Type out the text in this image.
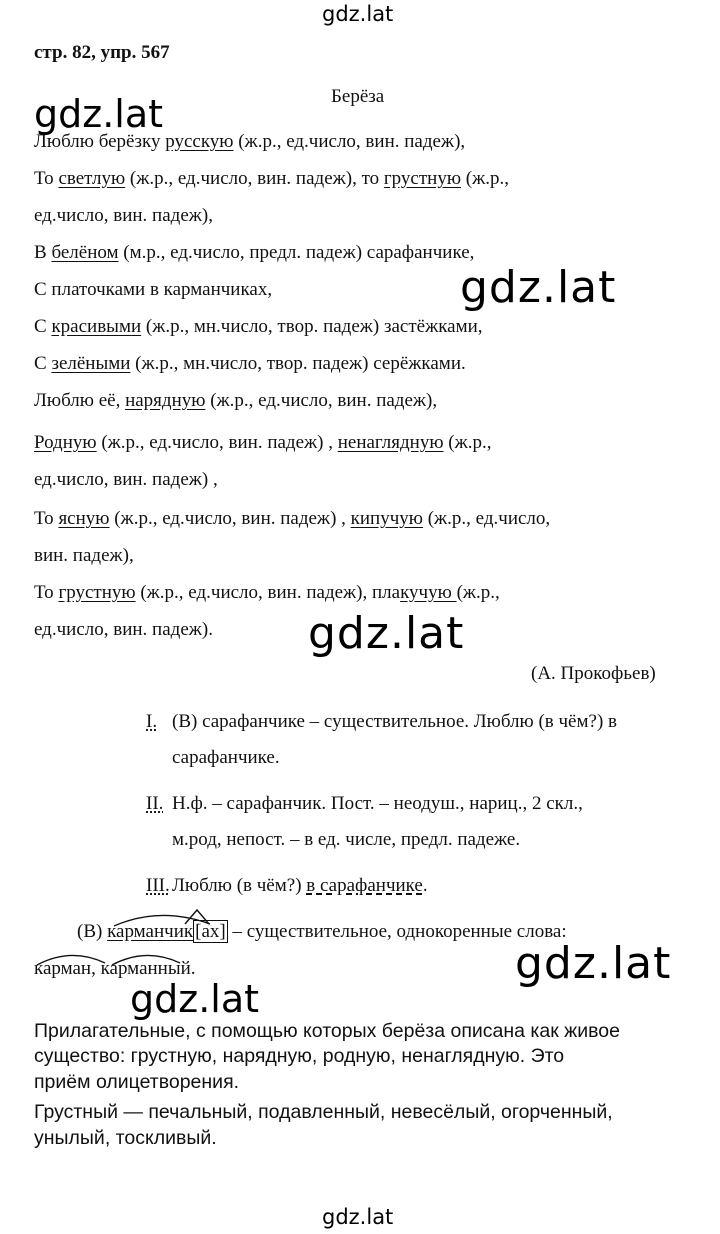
gdz.lat
gdz.lat
gdz.lat
gdz.lat
gdz.lat
gdz.lat
gdz.lat
стр. 82, упр. 567
Берёза
Люблю берёзку русскую (ж.р., ед.число, вин. падеж),
То светлую (ж.р., ед.число, вин. падеж), то грустную (ж.р.,
ед.число, вин. падеж),
В белёном (м.р., ед.число, предл. падеж) сарафанчике,
С платочками в карманчиках,
С красивыми (ж.р., мн.число, твор. падеж) застёжками,
С зелёными (ж.р., мн.число, твор. падеж) серёжками.
Люблю её, нарядную (ж.р., ед.число, вин. падеж),
Родную (ж.р., ед.число, вин. падеж) , ненаглядную (ж.р.,
ед.число, вин. падеж) ,
То ясную (ж.р., ед.число, вин. падеж) , кипучую (ж.р., ед.число,
вин. падеж),
То грустную (ж.р., ед.число, вин. падеж), плакучую (ж.р.,
ед.число, вин. падеж).
(А. Прокофьев)
I. (В) сарафанчике – существительное. Люблю (в чём?) в
сарафанчике.
II. Н.ф. – сарафанчик. Пост. – неодуш., нариц., 2 скл.,
м.род, непост. – в ед. числе, предл. падеже.
III. Люблю (в чём?) в сарафанчике.
(В) карманчик [ах] – существительное, однокоренные слова:
карман, карманный.
Прилагательные, с помощью которых берёза описана как живое
существо: грустную, нарядную, родную, ненаглядную. Это
приём олицетворения.
Грустный — печальный, подавленный, невесёлый, огорченный,
унылый, тоскливый.
